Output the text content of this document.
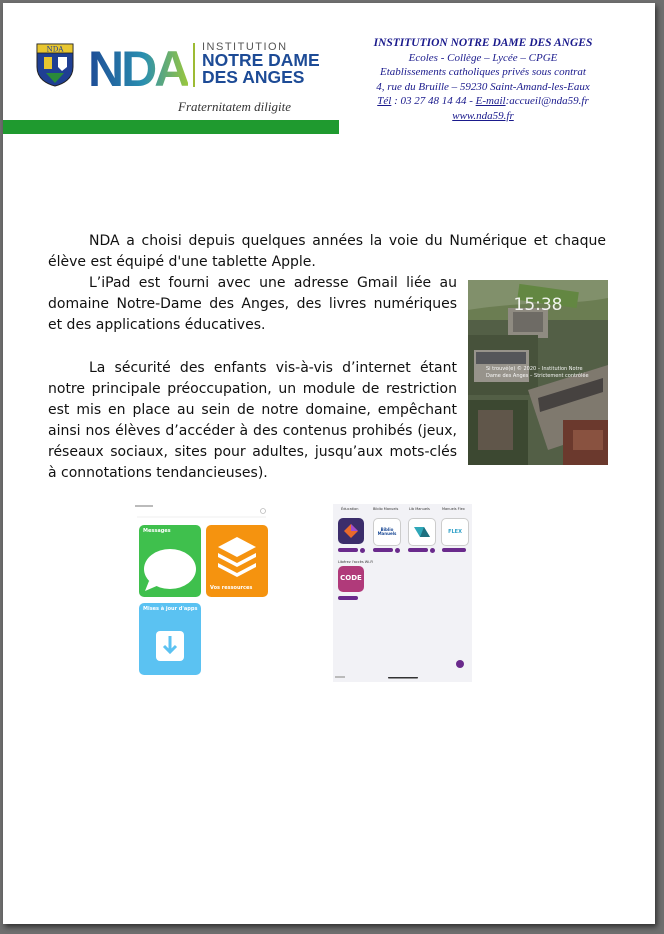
NDA NDA INSTITUTION
NOTRE DAME
DES ANGES
Fraternitatem diligite
INSTITUTION NOTRE DAME DES ANGES
Ecoles - Collège – Lycée – CPGE
Etablissements catholiques privés sous contrat
4, rue du Bruille – 59230 Saint-Amand-les-Eaux
Tél : 03 27 48 14 44 - E-mail:accueil@nda59.fr
www.nda59.fr
NDA a choisi depuis quelques années la voie du Numérique et chaque élève est équipé d'une tablette Apple.
L’iPad est fourni avec une adresse Gmail liée au domaine Notre-Dame des Anges, des livres numériques et des applications éducatives.
La sécurité des enfants vis-à-vis d’internet étant notre principale préoccupation, un module de restriction est mis en place au sein de notre domaine, empêchant ainsi nos élèves d’accéder à des contenus prohibés (jeux, réseaux sociaux, sites pour adultes, jusqu’aux mots-clés à connotations tendancieuses).
15:38
Si trouvé(e) © 2020 – Institution Notre Dame des Anges – Strictement contrôlée
Messages
Vos ressources
Mises à jour d'apps
Éducation	Biblio Manuels	Lib Manuels	Manuels Flex
Biblio Manuels	FLEX
Libérez l'accès Wi-Fi
CODE
